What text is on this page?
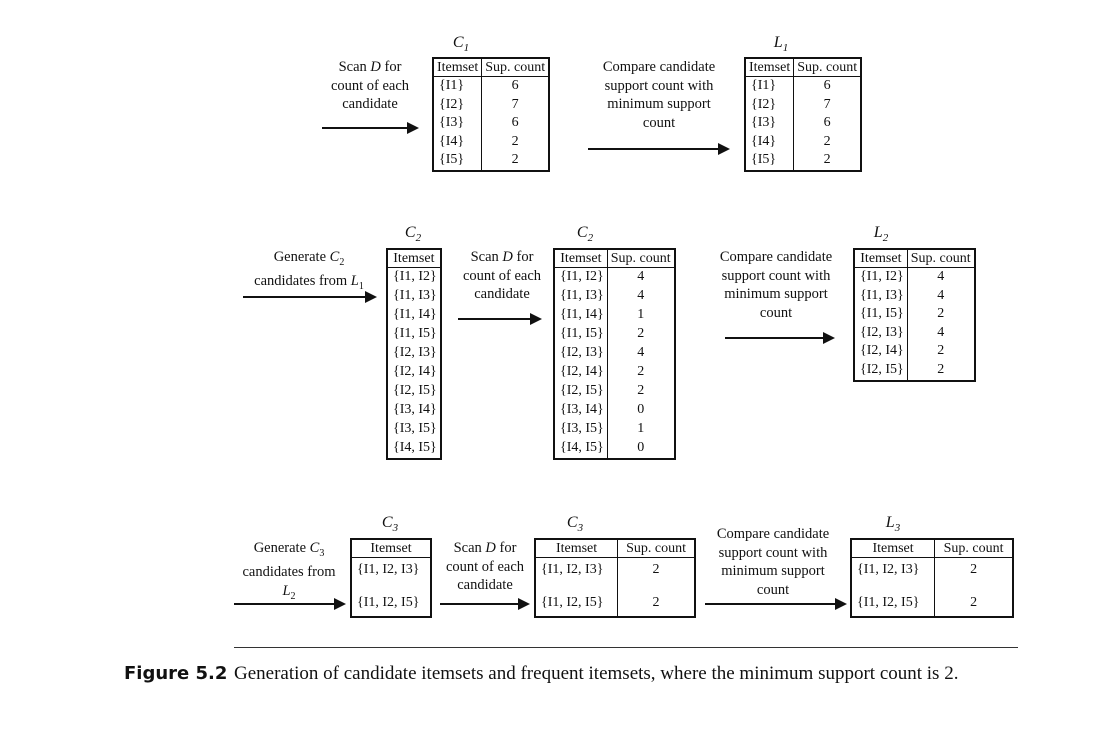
Scan D for
count of each
candidate
$C_1$
Itemset	Sup. count
{I1}	6
{I2}	7
{I3}	6
{I4}	2
{I5}	2
Compare candidate
support count with
minimum support
count
$L_1$
Itemset	Sup. count
{I1}	6
{I2}	7
{I3}	6
{I4}	2
{I5}	2
Generate $C_2$
candidates from $L_1$
$C_2$
Itemset
{I1, I2}
{I1, I3}
{I1, I4}
{I1, I5}
{I2, I3}
{I2, I4}
{I2, I5}
{I3, I4}
{I3, I5}
{I4, I5}
Scan D for
count of each
candidate
$C_2$
Itemset	Sup. count
{I1, I2}	4
{I1, I3}	4
{I1, I4}	1
{I1, I5}	2
{I2, I3}	4
{I2, I4}	2
{I2, I5}	2
{I3, I4}	0
{I3, I5}	1
{I4, I5}	0
Compare candidate
support count with
minimum support
count
$L_2$
Itemset	Sup. count
{I1, I2}	4
{I1, I3}	4
{I1, I5}	2
{I2, I3}	4
{I2, I4}	2
{I2, I5}	2
Generate $C_3$
candidates from
$L_2$
$C_3$
Itemset
{I1, I2, I3}

{I1, I2, I5}
Scan D for
count of each
candidate
$C_3$
Itemset	Sup. count
{I1, I2, I3}	2

{I1, I2, I5}	2
Compare candidate
support count with
minimum support
count
$L_3$
Itemset	Sup. count
{I1, I2, I3}	2

{I1, I2, I5}	2
Figure 5.2 Generation of candidate itemsets and frequent itemsets, where the minimum support count is 2.
